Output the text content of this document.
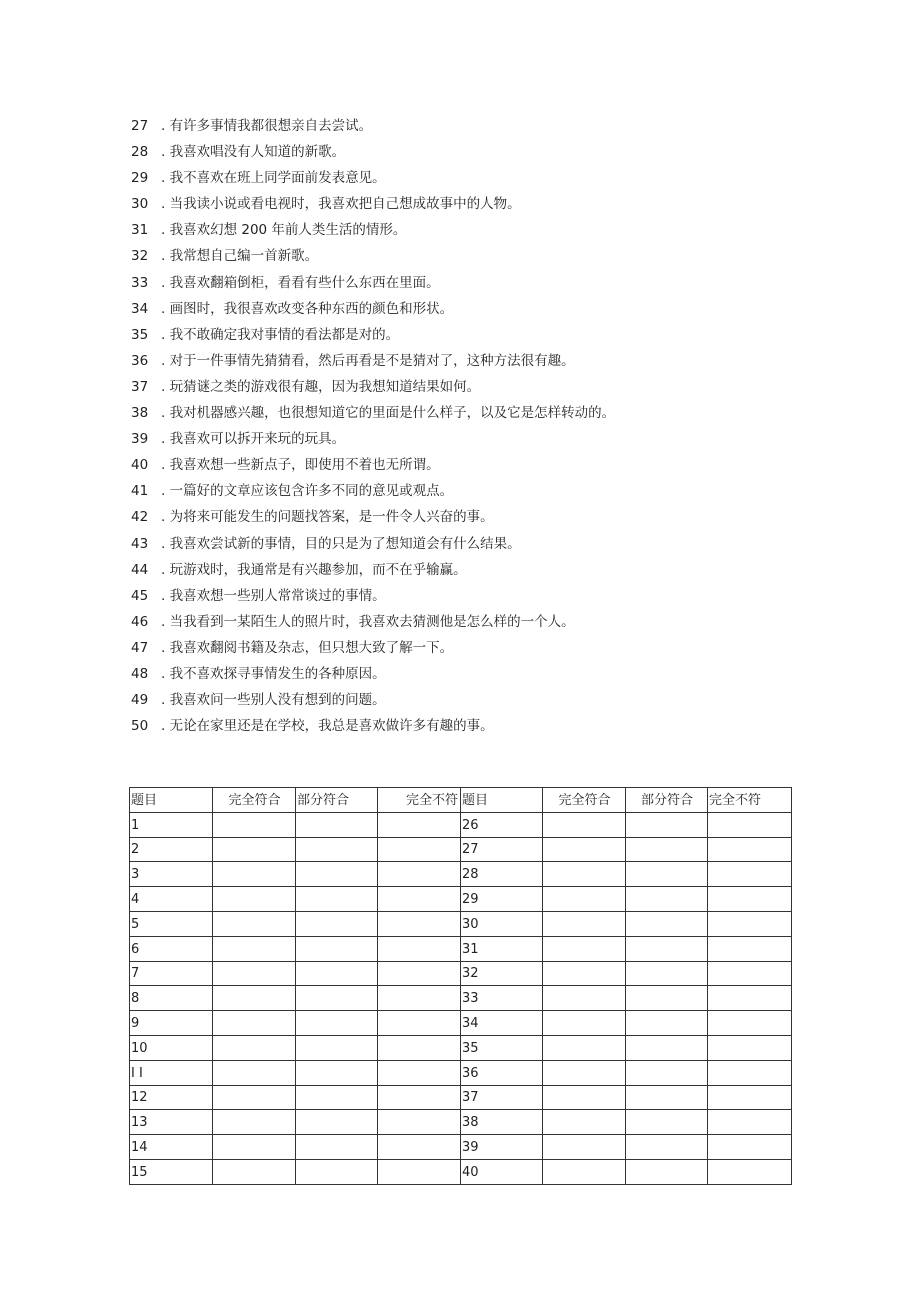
27 . 有许多事情我都很想亲自去尝试。
28 . 我喜欢唱没有人知道的新歌。
29 . 我不喜欢在班上同学面前发表意见。
30 . 当我读小说或看电视时，我喜欢把自己想成故事中的人物。
31 . 我喜欢幻想 200 年前人类生活的情形。
32 . 我常想自己编一首新歌。
33 . 我喜欢翻箱倒柜，看看有些什么东西在里面。
34 . 画图时，我很喜欢改变各种东西的颜色和形状。
35 . 我不敢确定我对事情的看法都是对的。
36 . 对于一件事情先猜猜看，然后再看是不是猜对了，这种方法很有趣。
37 . 玩猜谜之类的游戏很有趣，因为我想知道结果如何。
38 . 我对机器感兴趣，也很想知道它的里面是什么样子，以及它是怎样转动的。
39 . 我喜欢可以拆开来玩的玩具。
40 . 我喜欢想一些新点子，即使用不着也无所谓。
41 . 一篇好的文章应该包含许多不同的意见或观点。
42 . 为将来可能发生的问题找答案，是一件令人兴奋的事。
43 . 我喜欢尝试新的事情，目的只是为了想知道会有什么结果。
44 . 玩游戏时，我通常是有兴趣参加，而不在乎输赢。
45 . 我喜欢想一些别人常常谈过的事情。
46 . 当我看到一某陌生人的照片时，我喜欢去猜测他是怎么样的一个人。
47 . 我喜欢翻阅书籍及杂志，但只想大致了解一下。
48 . 我不喜欢探寻事情发生的各种原因。
49 . 我喜欢问一些别人没有想到的问题。
50 . 无论在家里还是在学校，我总是喜欢做许多有趣的事。
题目	完全符合	部分符合	完全不符	题目	完全符合	部分符合	完全不符
1				26			
2				27			
3				28			
4				29			
5				30			
6				31			
7				32			
8				33			
9				34			
10				35			
I I				36			
12				37			
13				38			
14				39			
15				40			
